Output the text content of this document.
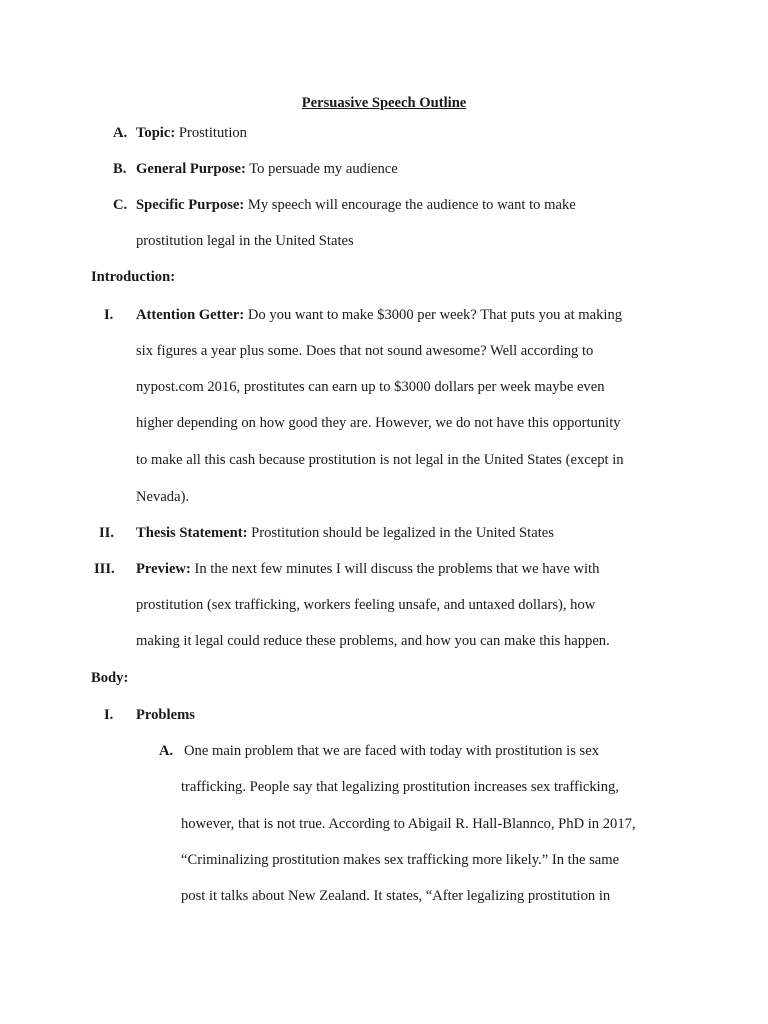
Persuasive Speech Outline
A. Topic: Prostitution
B. General Purpose: To persuade my audience
C. Specific Purpose: My speech will encourage the audience to want to make
prostitution legal in the United States
Introduction:
I. Attention Getter: Do you want to make $3000 per week? That puts you at making
six figures a year plus some. Does that not sound awesome? Well according to
nypost.com 2016, prostitutes can earn up to $3000 dollars per week maybe even
higher depending on how good they are. However, we do not have this opportunity
to make all this cash because prostitution is not legal in the United States (except in
Nevada).
II. Thesis Statement: Prostitution should be legalized in the United States
III. Preview: In the next few minutes I will discuss the problems that we have with
prostitution (sex trafficking, workers feeling unsafe, and untaxed dollars), how
making it legal could reduce these problems, and how you can make this happen.
Body:
I. Problems
A. One main problem that we are faced with today with prostitution is sex
trafficking. People say that legalizing prostitution increases sex trafficking,
however, that is not true. According to Abigail R. Hall-Blannco, PhD in 2017,
“Criminalizing prostitution makes sex trafficking more likely.” In the same
post it talks about New Zealand. It states, “After legalizing prostitution in
